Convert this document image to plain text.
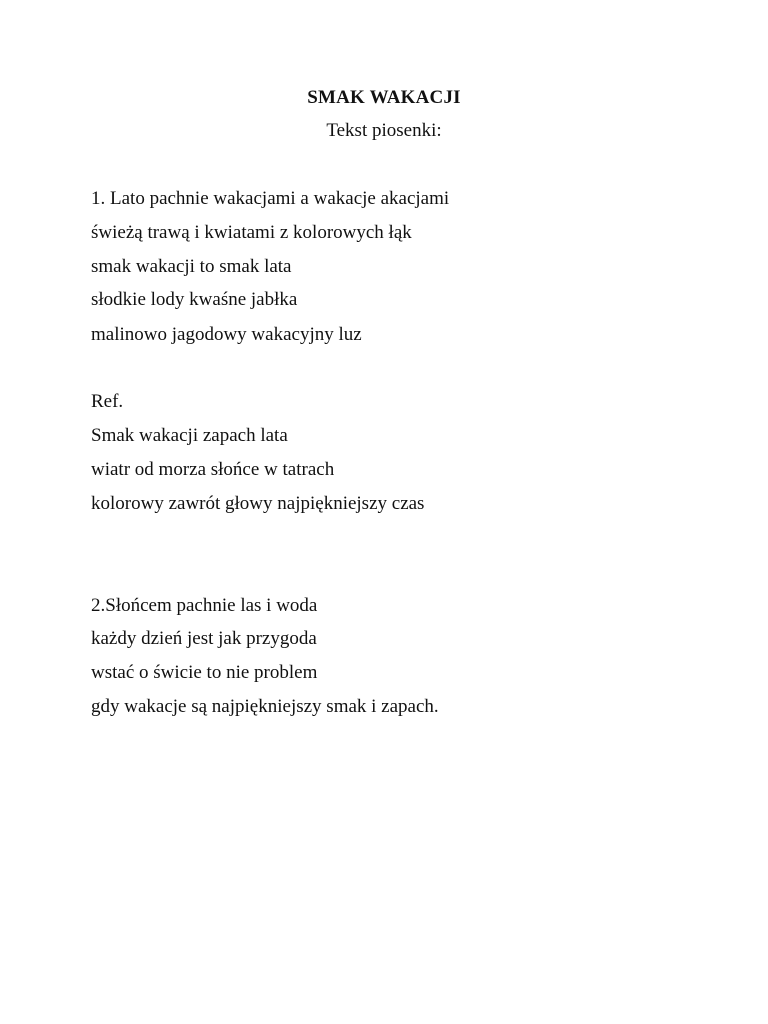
SMAK WAKACJI
Tekst piosenki:
1. Lato pachnie wakacjami a wakacje akacjami
świeżą trawą i kwiatami z kolorowych łąk
smak wakacji to smak lata
słodkie lody kwaśne jabłka
malinowo jagodowy wakacyjny luz
Ref.
Smak wakacji zapach lata
wiatr od morza słońce w tatrach
kolorowy zawrót głowy najpiękniejszy czas
2.Słońcem pachnie las i woda
każdy dzień jest jak przygoda
wstać o świcie to nie problem
gdy wakacje są najpiękniejszy smak i zapach.
